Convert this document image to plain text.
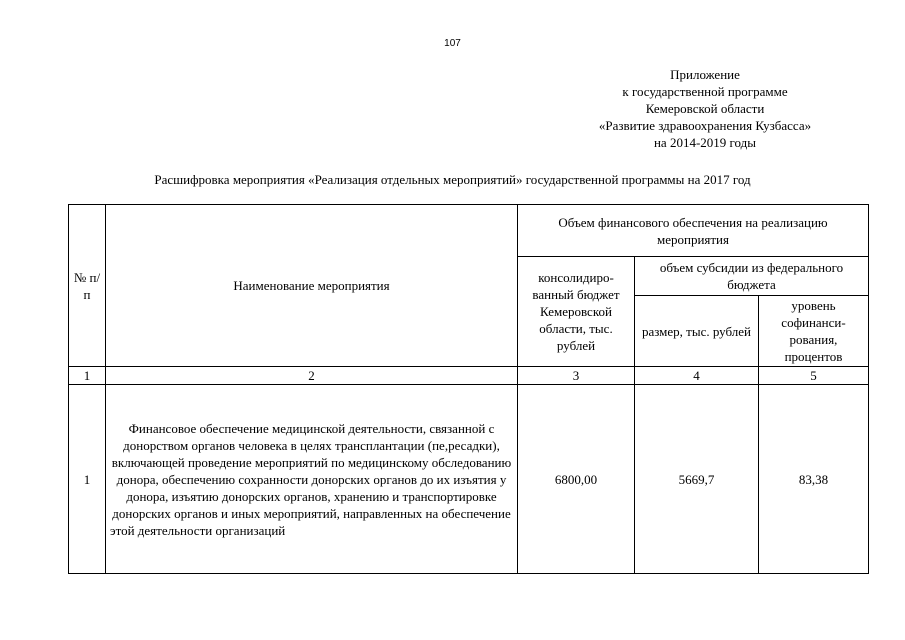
107
Приложение
к государственной программе
Кемеровской области
«Развитие здравоохранения Кузбасса»
на 2014-2019 годы
Расшифровка мероприятия «Реализация отдельных мероприятий» государственной программы на 2017 год
№ п/п	Наименование мероприятия	Объем финансового обеспечения на реализацию мероприятия		
		консолидиро-ванный бюджет Кемеровской области, тыс. рублей	объем субсидии из федерального бюджета	
			размер, тыс. рублей	уровень софинанси-рования, процентов
1	2	3	4	5
1	Финансовое обеспечение медицинской деятельности, связанной с донорством органов человека в целях трансплантации (пе,ресадки), включающей проведение мероприятий по медицинскому обследованию донора, обеспечению сохранности донорских органов до их изъятия у донора, изъятию донорских органов, хранению и транспортировке донорских органов и иных мероприятий, направленных на обеспечение этой деятельности организаций	6800,00	5669,7	83,38
